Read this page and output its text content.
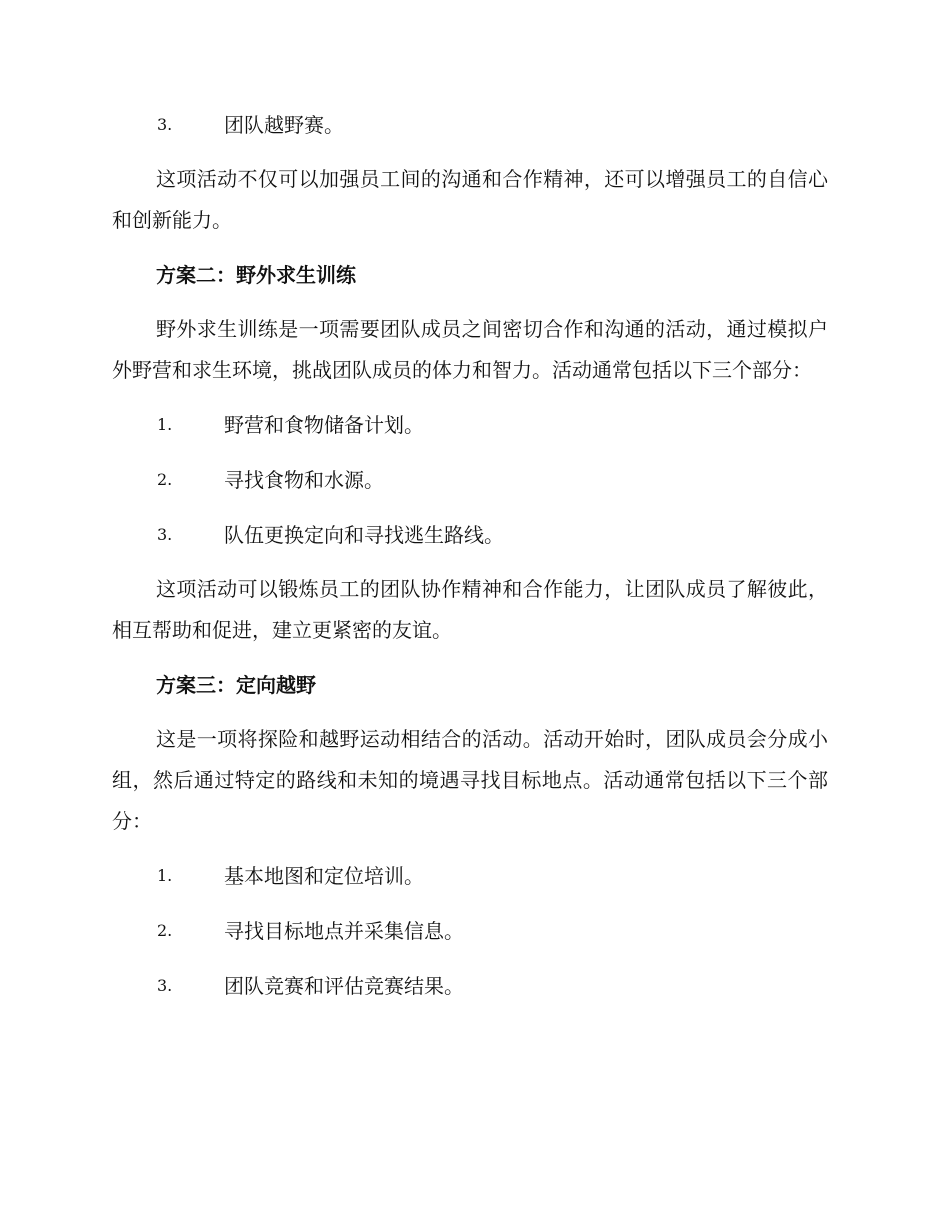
3.	团队越野赛。

这项活动不仅可以加强员工间的沟通和合作精神，还可以增强员工的自信心和创新能力。

方案二：野外求生训练

野外求生训练是一项需要团队成员之间密切合作和沟通的活动，通过模拟户外野营和求生环境，挑战团队成员的体力和智力。活动通常包括以下三个部分：

1.	野营和食物储备计划。
2.	寻找食物和水源。
3.	队伍更换定向和寻找逃生路线。

这项活动可以锻炼员工的团队协作精神和合作能力，让团队成员了解彼此，相互帮助和促进，建立更紧密的友谊。

方案三：定向越野

这是一项将探险和越野运动相结合的活动。活动开始时，团队成员会分成小组，然后通过特定的路线和未知的境遇寻找目标地点。活动通常包括以下三个部分：

1.	基本地图和定位培训。
2.	寻找目标地点并采集信息。
3.	团队竞赛和评估竞赛结果。
